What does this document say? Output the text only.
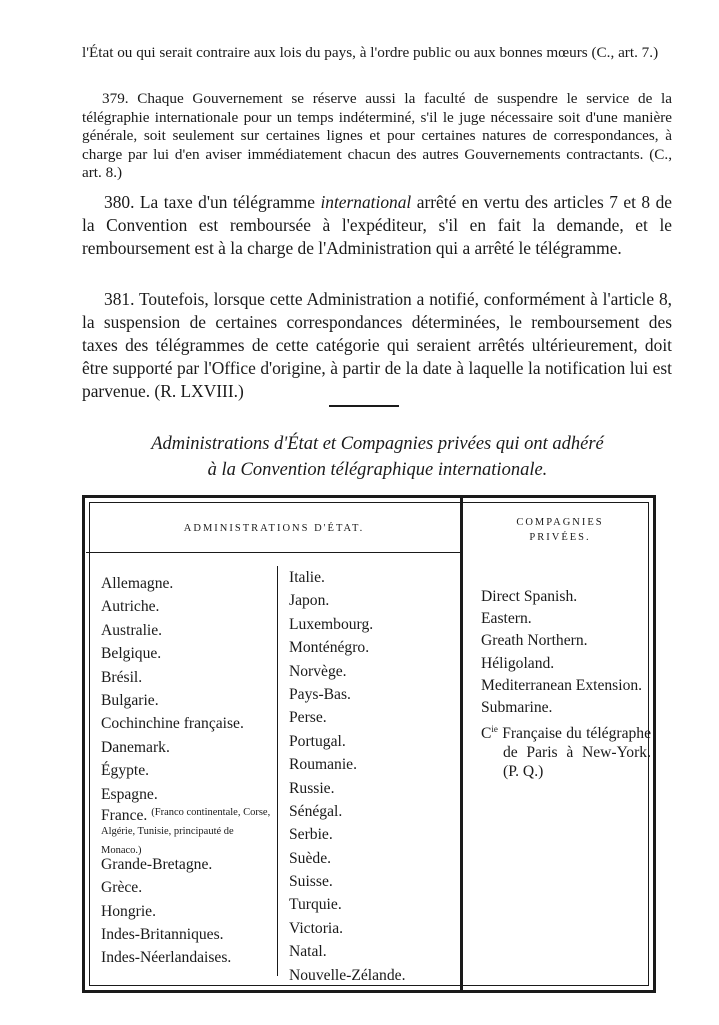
l'État ou qui serait contraire aux lois du pays, à l'ordre public ou aux bonnes mœurs (C., art. 7.)

379. Chaque Gouvernement se réserve aussi la faculté de suspendre le service de la télégraphie internationale pour un temps indéterminé, s'il le juge nécessaire soit d'une manière générale, soit seulement sur certaines lignes et pour certaines natures de correspondances, à charge par lui d'en aviser immédiatement chacun des autres Gouvernements contractants. (C., art. 8.)

380. La taxe d'un télégramme international arrêté en vertu des articles 7 et 8 de la Convention est remboursée à l'expéditeur, s'il en fait la demande, et le remboursement est à la charge de l'Administration qui a arrêté le télégramme.

381. Toutefois, lorsque cette Administration a notifié, conformément à l'article 8, la suspension de certaines correspondances déterminées, le remboursement des taxes des télégrammes de cette catégorie qui seraient arrêtés ultérieurement, doit être supporté par l'Office d'origine, à partir de la date à laquelle la notification lui est parvenue. (R. LXVIII.)

Administrations d'État et Compagnies privées qui ont adhéré
à la Convention télégraphique internationale.
ADMINISTRATIONS D'ÉTAT.
COMPAGNIES
PRIVÉES.
Allemagne.
Autriche.
Australie.
Belgique.
Brésil.
Bulgarie.
Cochinchine française.
Danemark.
Égypte.
Espagne.
France. $^{(Franco continentale, Corse, Algérie, Tunisie, principauté de Monaco.)}$
Grande-Bretagne.
Grèce.
Hongrie.
Indes-Britanniques.
Indes-Néerlandaises.
Italie.
Japon.
Luxembourg.
Monténégro.
Norvège.
Pays-Bas.
Perse.
Portugal.
Roumanie.
Russie.
Sénégal.
Serbie.
Suède.
Suisse.
Turquie.
Victoria.
Natal.
Nouvelle-Zélande.
Direct Spanish.
Eastern.
Greath Northern.
Héligoland.
Mediterranean Extension.
Submarine.
$C^{ie}$ Française du télégraphe de Paris à New-York. (P. Q.)
